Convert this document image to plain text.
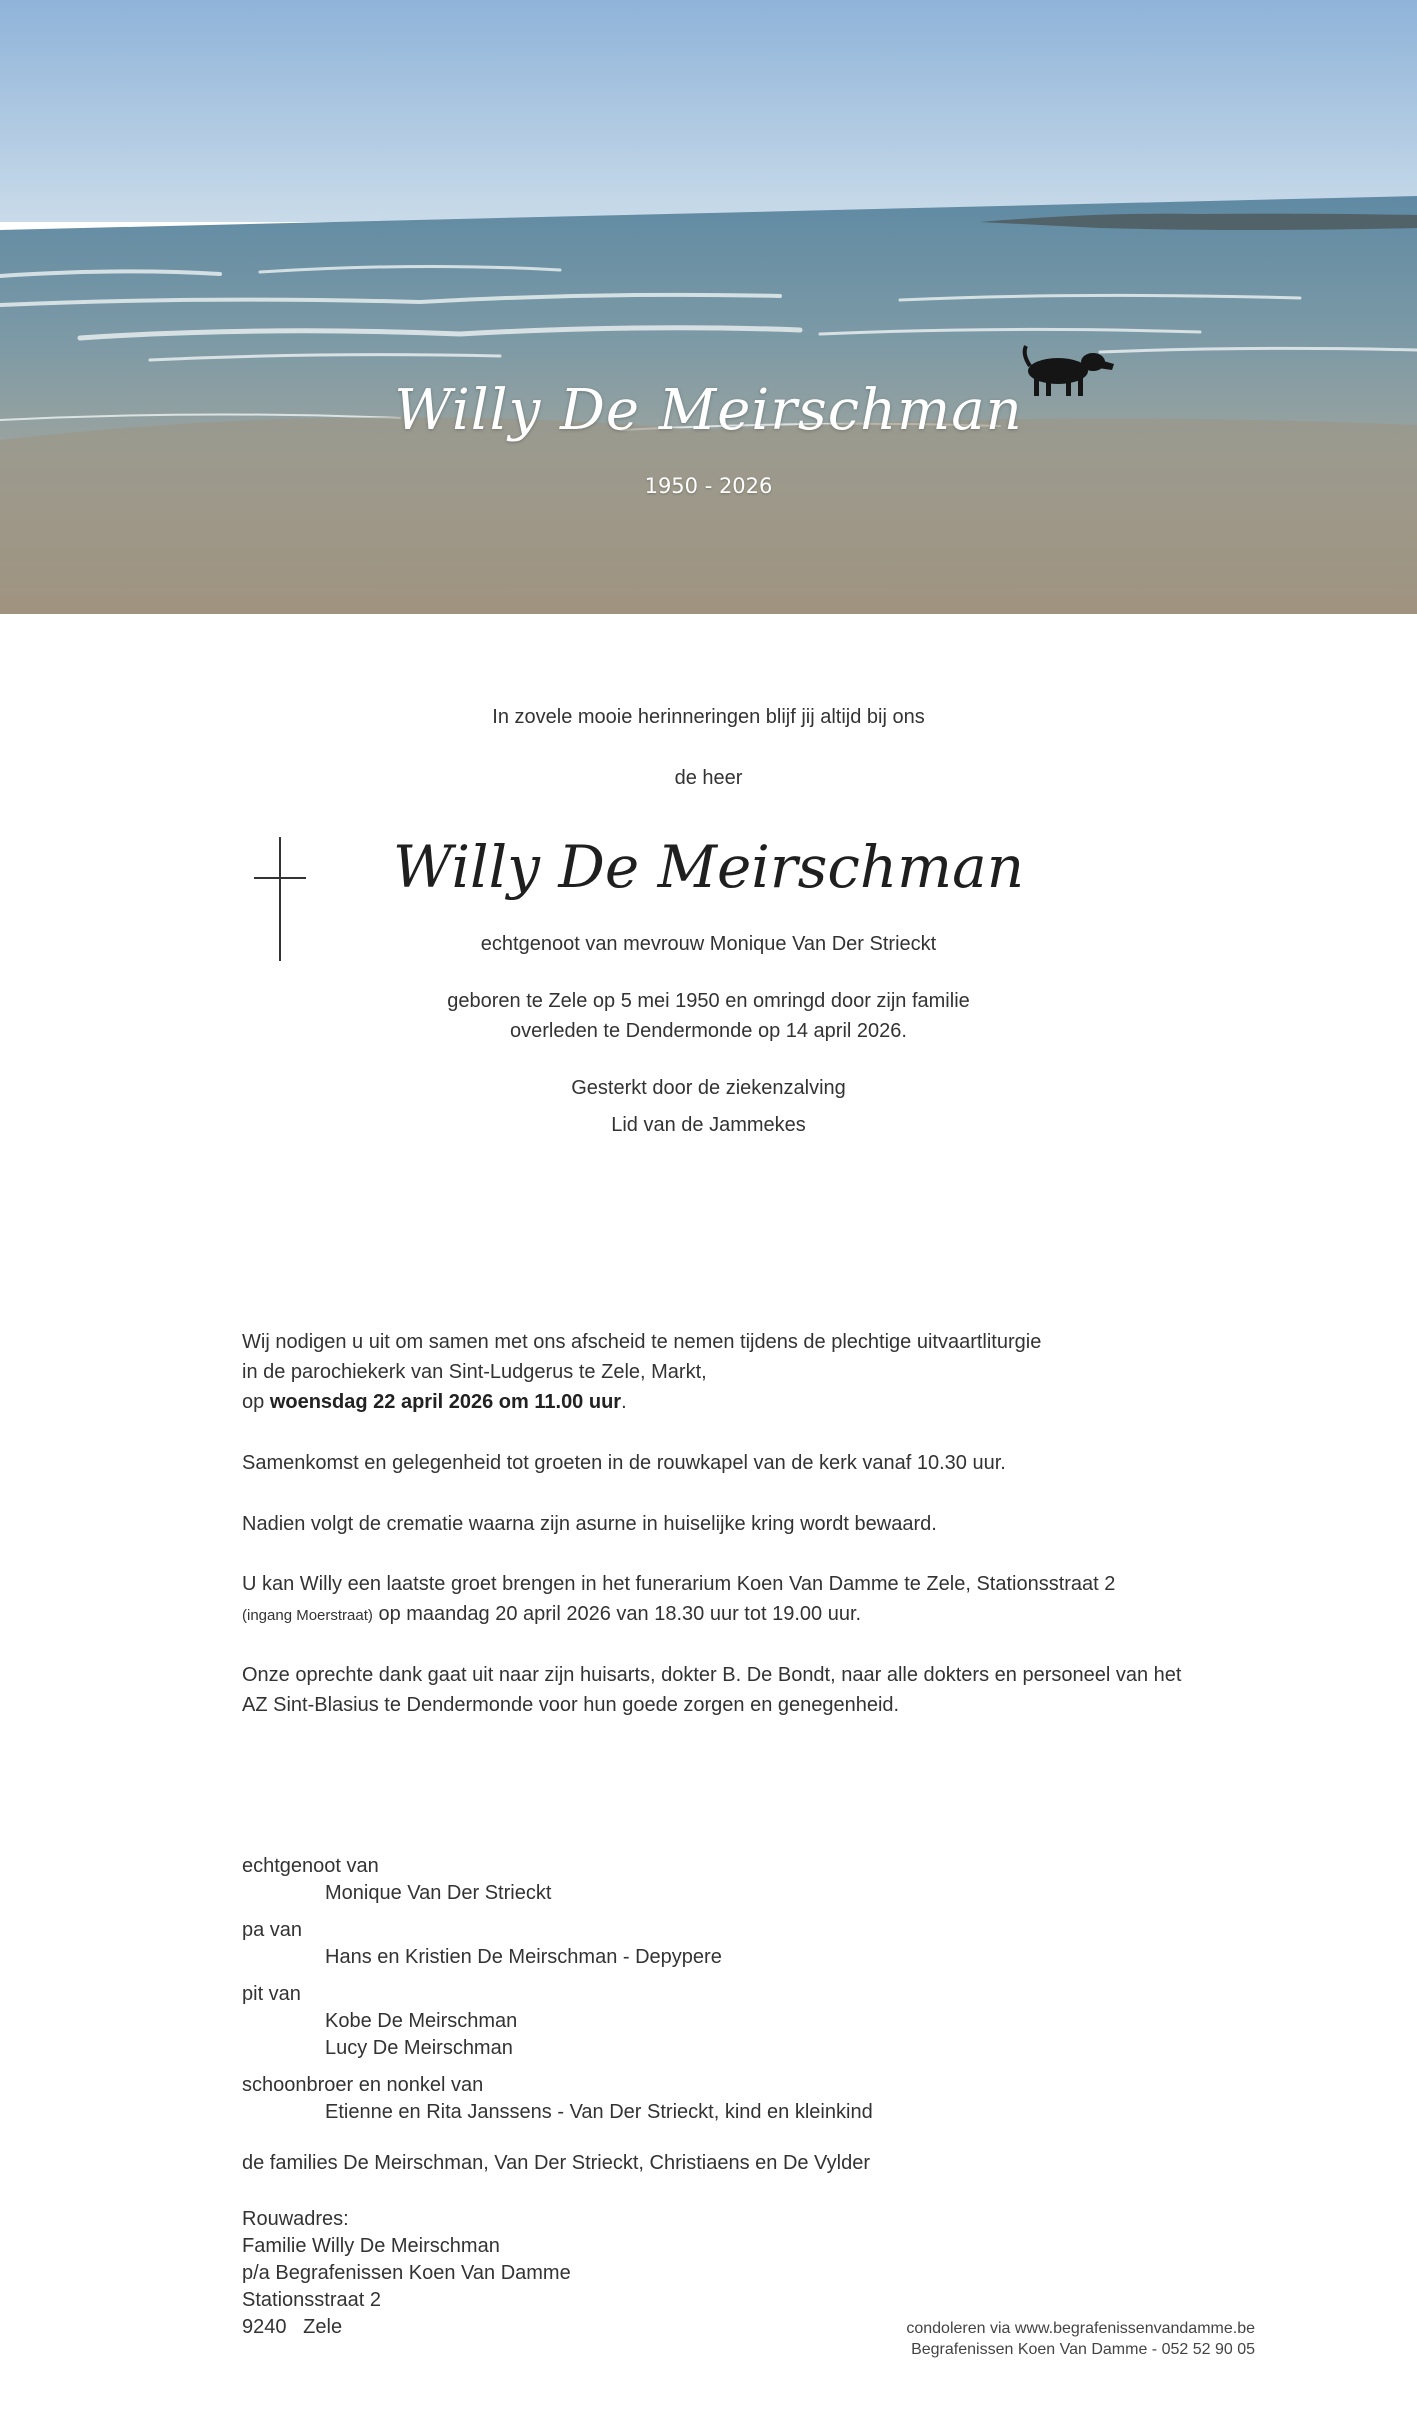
Willy De Meirschman
1950 - 2026
In zovele mooie herinneringen blijf jij altijd bij ons
de heer
Willy De Meirschman
echtgenoot van mevrouw Monique Van Der Strieckt
geboren te Zele op 5 mei 1950 en omringd door zijn familie
overleden te Dendermonde op 14 april 2026.
Gesterkt door de ziekenzalving
Lid van de Jammekes
Wij nodigen u uit om samen met ons afscheid te nemen tijdens de plechtige uitvaartliturgie
in de parochiekerk van Sint-Ludgerus te Zele, Markt,
op woensdag 22 april 2026 om 11.00 uur.
Samenkomst en gelegenheid tot groeten in de rouwkapel van de kerk vanaf 10.30 uur.
Nadien volgt de crematie waarna zijn asurne in huiselijke kring wordt bewaard.
U kan Willy een laatste groet brengen in het funerarium Koen Van Damme te Zele, Stationsstraat 2
(ingang Moerstraat) op maandag 20 april 2026 van 18.30 uur tot 19.00 uur.
Onze oprechte dank gaat uit naar zijn huisarts, dokter B. De Bondt, naar alle dokters en personeel van het
AZ Sint-Blasius te Dendermonde voor hun goede zorgen en genegenheid.
echtgenoot van
Monique Van Der Strieckt
pa van
Hans en Kristien De Meirschman - Depypere
pit van
Kobe De Meirschman
Lucy De Meirschman
schoonbroer en nonkel van
Etienne en Rita Janssens - Van Der Strieckt, kind en kleinkind
de families De Meirschman, Van Der Strieckt, Christiaens en De Vylder
Rouwadres:
Familie Willy De Meirschman
p/a Begrafenissen Koen Van Damme
Stationsstraat 2
9240   Zele	condoleren via www.begrafenissenvandamme.be
Begrafenissen Koen Van Damme - 052 52 90 05
